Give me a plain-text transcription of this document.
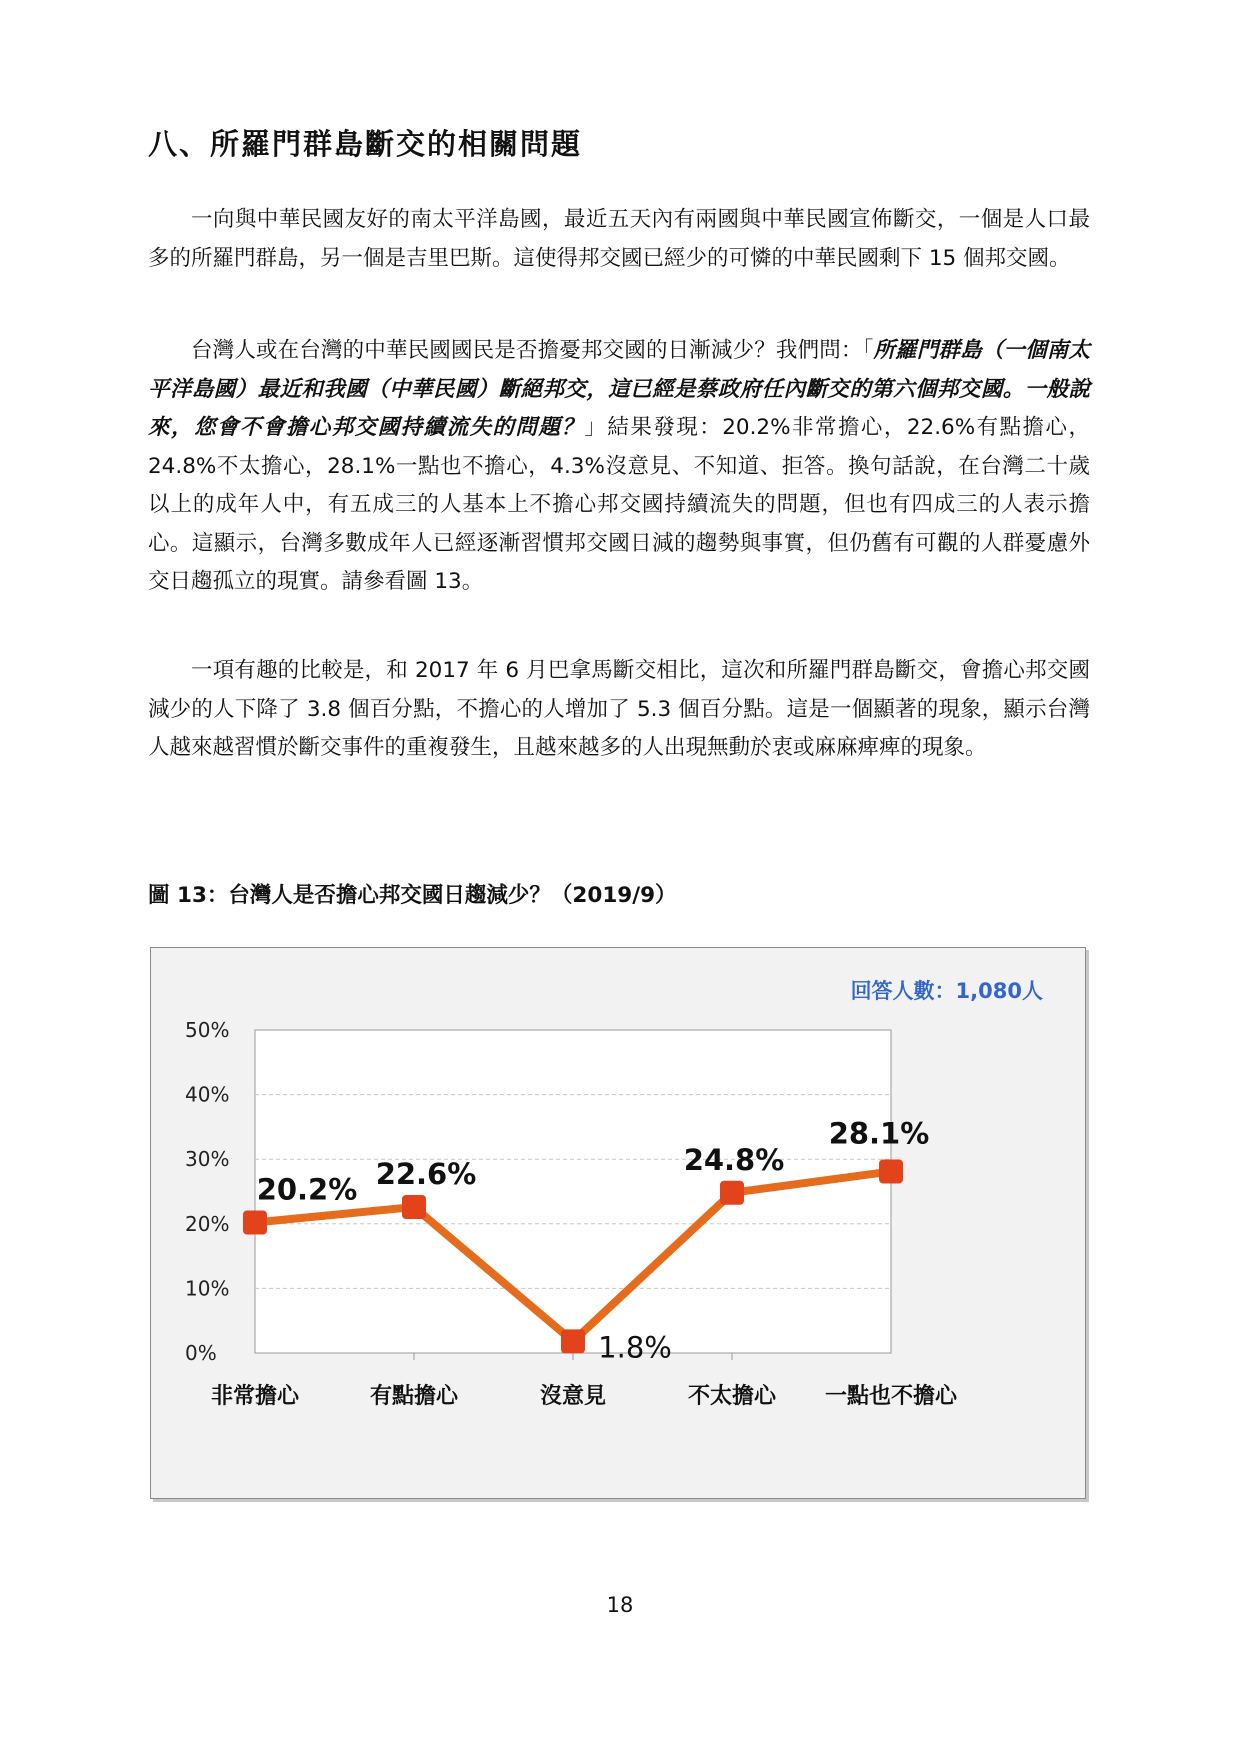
八、所羅門群島斷交的相關問題

一向與中華民國友好的南太平洋島國，最近五天內有兩國與中華民國宣佈斷交，一個是人口最多的所羅門群島，另一個是吉里巴斯。這使得邦交國已經少的可憐的中華民國剩下 15 個邦交國。

台灣人或在台灣的中華民國國民是否擔憂邦交國的日漸減少？我們問：「所羅門群島（一個南太平洋島國）最近和我國（中華民國）斷絕邦交，這已經是蔡政府任內斷交的第六個邦交國。一般說來，您會不會擔心邦交國持續流失的問題？」結果發現：20.2%非常擔心，22.6%有點擔心，24.8%不太擔心，28.1%一點也不擔心，4.3%沒意見、不知道、拒答。換句話說，在台灣二十歲以上的成年人中，有五成三的人基本上不擔心邦交國持續流失的問題，但也有四成三的人表示擔心。這顯示，台灣多數成年人已經逐漸習慣邦交國日減的趨勢與事實，但仍舊有可觀的人群憂慮外交日趨孤立的現實。請參看圖 13。

一項有趣的比較是，和 2017 年 6 月巴拿馬斷交相比，這次和所羅門群島斷交，會擔心邦交國減少的人下降了 3.8 個百分點，不擔心的人增加了 5.3 個百分點。這是一個顯著的現象，顯示台灣人越來越習慣於斷交事件的重複發生，且越來越多的人出現無動於衷或麻麻痺痺的現象。

圖 13：台灣人是否擔心邦交國日趨減少？（2019/9）

0%
10%
20%
30%
40%
50%
非常擔心	有點擔心	沒意見	不太擔心 一點也不擔心
20.2% 22.6%
1.8%
24.8%
28.1%
回答人數：1,080人

18
